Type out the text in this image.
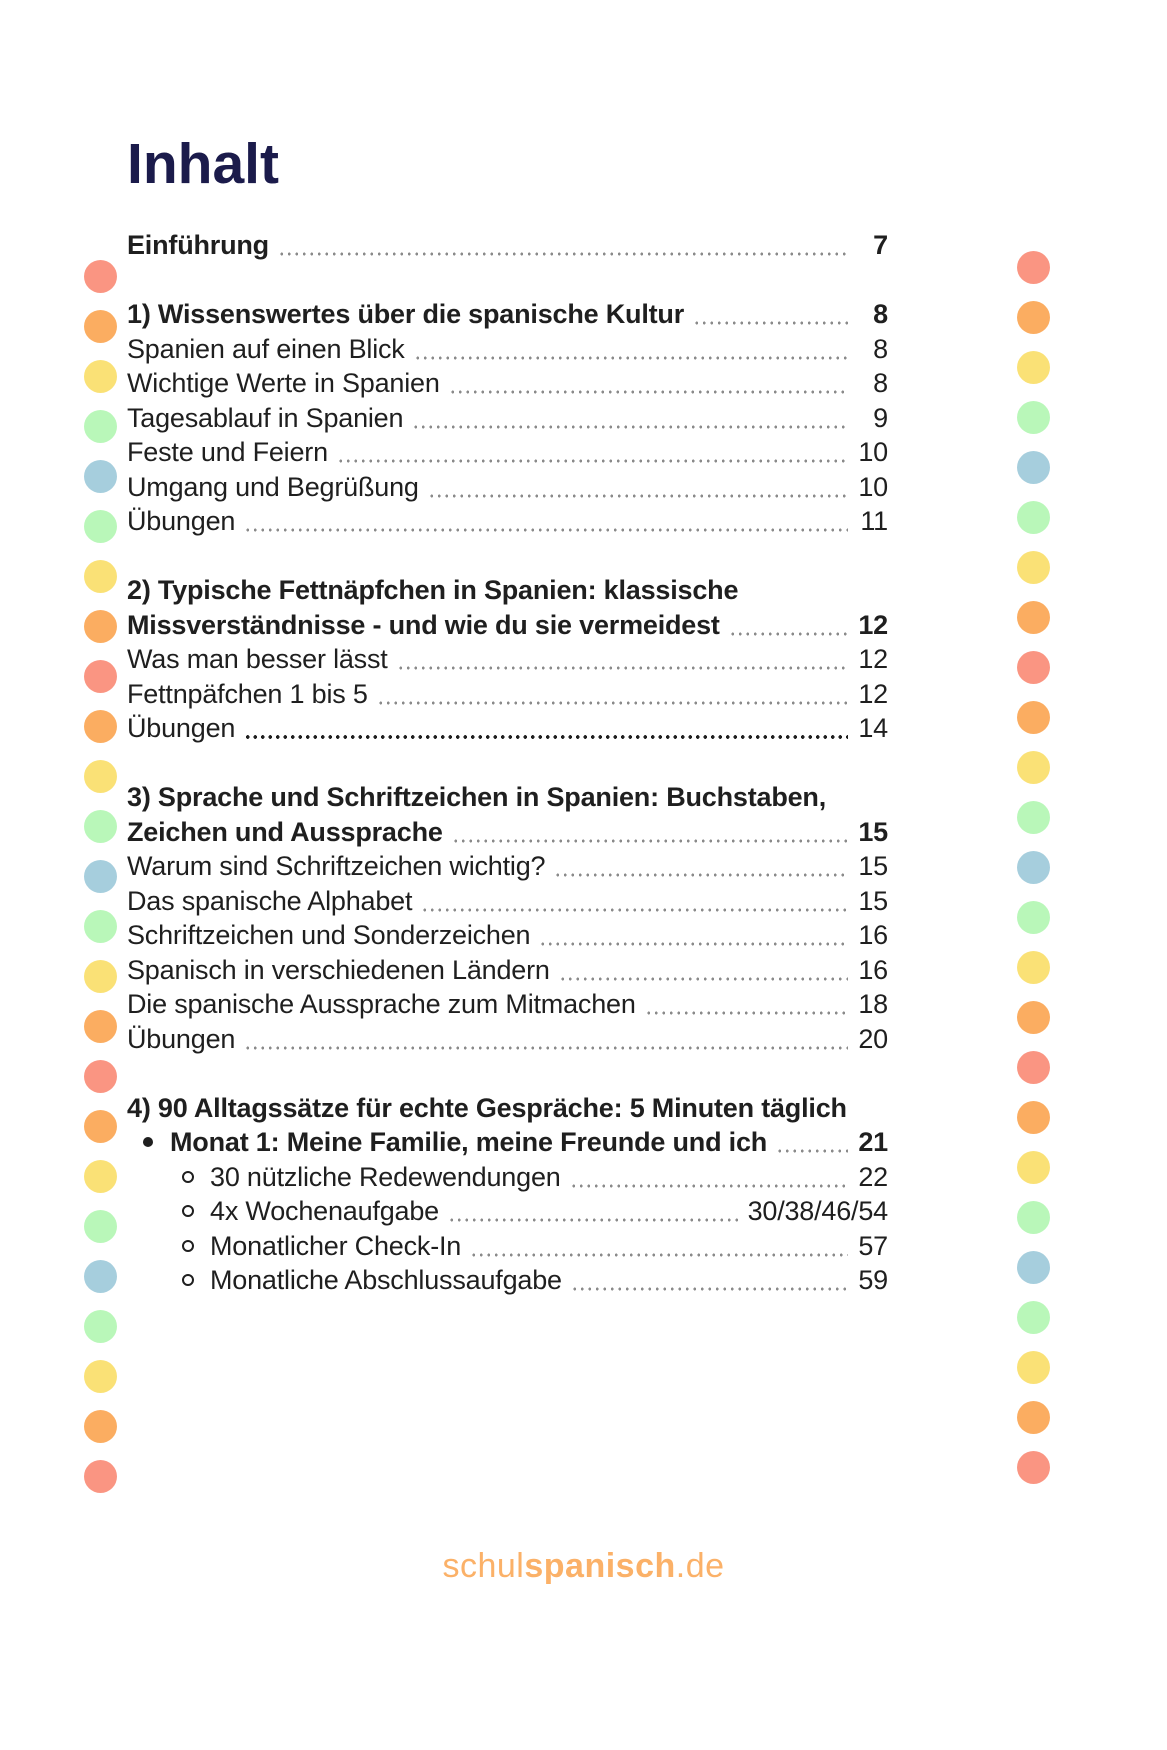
Inhalt
Einführung	7
1) Wissenswertes über die spanische Kultur	8
Spanien auf einen Blick	8
Wichtige Werte in Spanien	8
Tagesablauf in Spanien	9
Feste und Feiern	10
Umgang und Begrüßung	10
Übungen	11
2) Typische Fettnäpfchen in Spanien: klassische
Missverständnisse - und wie du sie vermeidest	12
Was man besser lässt	12
Fettnpäfchen 1 bis 5	12
Übungen	14
3) Sprache und Schriftzeichen in Spanien: Buchstaben,
Zeichen und Aussprache	15
Warum sind Schriftzeichen wichtig?	15
Das spanische Alphabet	15
Schriftzeichen und Sonderzeichen	16
Spanisch in verschiedenen Ländern	16
Die spanische Aussprache zum Mitmachen	18
Übungen	20
4) 90 Alltagssätze für echte Gespräche: 5 Minuten täglich
Monat 1: Meine Familie, meine Freunde und ich	21
30 nützliche Redewendungen	22
4x Wochenaufgabe	30/38/46/54
Monatlicher Check-In	57
Monatliche Abschlussaufgabe	59
schulspanisch.de
